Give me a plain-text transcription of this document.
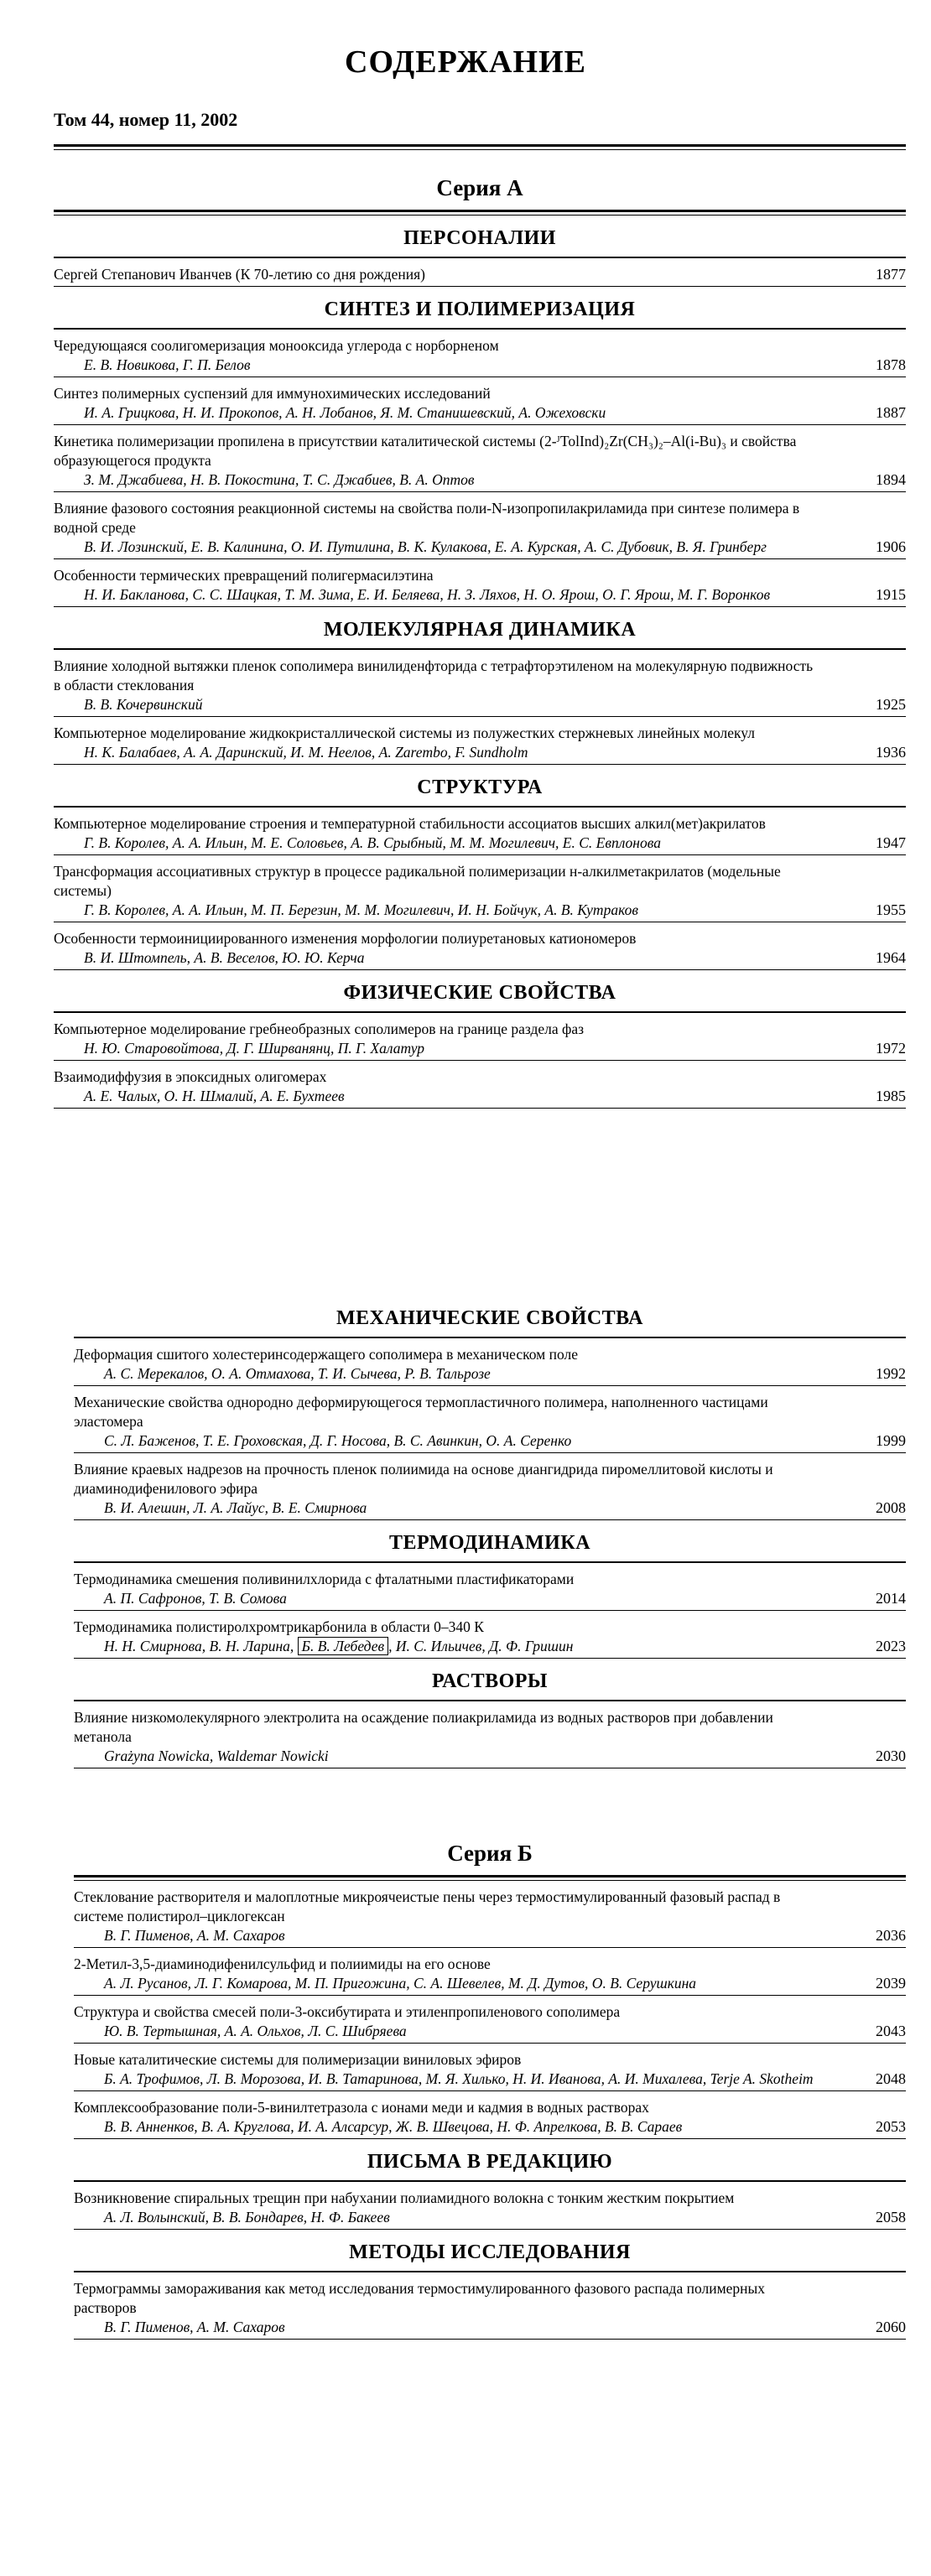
СОДЕРЖАНИЕ
Том 44, номер 11, 2002
Серия А
ПЕРСОНАЛИИ
Сергей Степанович Иванчев (К 70-летию со дня рождения)	1877
СИНТЕЗ И ПОЛИМЕРИЗАЦИЯ
Чередующаяся соолигомеризация монооксида углерода с норборненом
Е. В. Новикова, Г. П. Белов	1878
Синтез полимерных суспензий для иммунохимических исследований
И. А. Грицкова, Н. И. Прокопов, А. Н. Лобанов, Я. М. Станишевский, А. Ожеховски	1887
Кинетика полимеризации пропилена в присутствии каталитической системы (2-ᴶTolInd)₂Zr(CH₃)₂–Al(i-Bu)₃ и свойства образующегося продукта
З. М. Джабиева, Н. В. Покостина, Т. С. Джабиев, В. А. Оптов	1894
Влияние фазового состояния реакционной системы на свойства поли-N-изопропилакриламида при синтезе полимера в водной среде
В. И. Лозинский, Е. В. Калинина, О. И. Путилина, В. К. Кулакова, Е. А. Курская, А. С. Дубовик, В. Я. Гринберг	1906
Особенности термических превращений полигермасилэтина
Н. И. Бакланова, С. С. Шацкая, Т. М. Зима, Е. И. Беляева, Н. З. Ляхов, Н. О. Ярош, О. Г. Ярош, М. Г. Воронков	1915
МОЛЕКУЛЯРНАЯ ДИНАМИКА
Влияние холодной вытяжки пленок сополимера винилиденфторида с тетрафторэтиленом на молекулярную подвижность в области стеклования
В. В. Кочервинский	1925
Компьютерное моделирование жидкокристаллической системы из полужестких стержневых линейных молекул
Н. К. Балабаев, А. А. Даринский, И. М. Неелов, A. Zarembo, F. Sundholm	1936
СТРУКТУРА
Компьютерное моделирование строения и температурной стабильности ассоциатов высших алкил(мет)акрилатов
Г. В. Королев, А. А. Ильин, М. Е. Соловьев, А. В. Срыбный, М. М. Могилевич, Е. С. Евплонова	1947
Трансформация ассоциативных структур в процессе радикальной полимеризации н-алкилметакрилатов (модельные системы)
Г. В. Королев, А. А. Ильин, М. П. Березин, М. М. Могилевич, И. Н. Бойчук, А. В. Кутраков	1955
Особенности термоинициированного изменения морфологии полиуретановых катиономеров
В. И. Штомпель, А. В. Веселов, Ю. Ю. Керча	1964
ФИЗИЧЕСКИЕ СВОЙСТВА
Компьютерное моделирование гребнеобразных сополимеров на границе раздела фаз
Н. Ю. Старовойтова, Д. Г. Ширванянц, П. Г. Халатур	1972
Взаимодиффузия в эпоксидных олигомерах
А. Е. Чалых, О. Н. Шмалий, А. Е. Бухтеев	1985
МЕХАНИЧЕСКИЕ СВОЙСТВА
Деформация сшитого холестеринсодержащего сополимера в механическом поле
А. С. Мерекалов, О. А. Отмахова, Т. И. Сычева, Р. В. Тальрозе	1992
Механические свойства однородно деформирующегося термопластичного полимера, наполненного частицами эластомера
С. Л. Баженов, Т. Е. Гроховская, Д. Г. Носова, В. С. Авинкин, О. А. Серенко	1999
Влияние краевых надрезов на прочность пленок полиимида на основе диангидрида пиромеллитовой кислоты и диаминодифенилового эфира
В. И. Алешин, Л. А. Лайус, В. Е. Смирнова	2008
ТЕРМОДИНАМИКА
Термодинамика смешения поливинилхлорида с фталатными пластификаторами
А. П. Сафронов, Т. В. Сомова	2014
Термодинамика полистиролхромтрикарбонила в области 0–340 К
Н. Н. Смирнова, В. Н. Ларина, Б. В. Лебедев , И. С. Ильичев, Д. Ф. Гришин	2023
РАСТВОРЫ
Влияние низкомолекулярного электролита на осаждение полиакриламида из водных растворов при добавлении метанола
Grażyna Nowicka, Waldemar Nowicki	2030
Серия Б
Стеклование растворителя и малоплотные микроячеистые пены через термостимулированный фазовый распад в системе полистирол–циклогексан
В. Г. Пименов, А. М. Сахаров	2036
2-Метил-3,5-диаминодифенилсульфид и полиимиды на его основе
А. Л. Русанов, Л. Г. Комарова, М. П. Пригожина, С. А. Шевелев, М. Д. Дутов, О. В. Серушкина	2039
Структура и свойства смесей поли-3-оксибутирата и этиленпропиленового сополимера
Ю. В. Тертышная, А. А. Ольхов, Л. С. Шибряева	2043
Новые каталитические системы для полимеризации виниловых эфиров
Б. А. Трофимов, Л. В. Морозова, И. В. Татаринова, М. Я. Хилько, Н. И. Иванова, А. И. Михалева, Terje A. Skotheim	2048
Комплексообразование поли-5-винилтетразола с ионами меди и кадмия в водных растворах
В. В. Анненков, В. А. Круглова, И. А. Алсарсур, Ж. В. Швецова, Н. Ф. Апрелкова, В. В. Сараев	2053
ПИСЬМА В РЕДАКЦИЮ
Возникновение спиральных трещин при набухании полиамидного волокна с тонким жестким покрытием
А. Л. Волынский, В. В. Бондарев, Н. Ф. Бакеев	2058
МЕТОДЫ ИССЛЕДОВАНИЯ
Термограммы замораживания как метод исследования термостимулированного фазового распада полимерных растворов
В. Г. Пименов, А. М. Сахаров	2060
